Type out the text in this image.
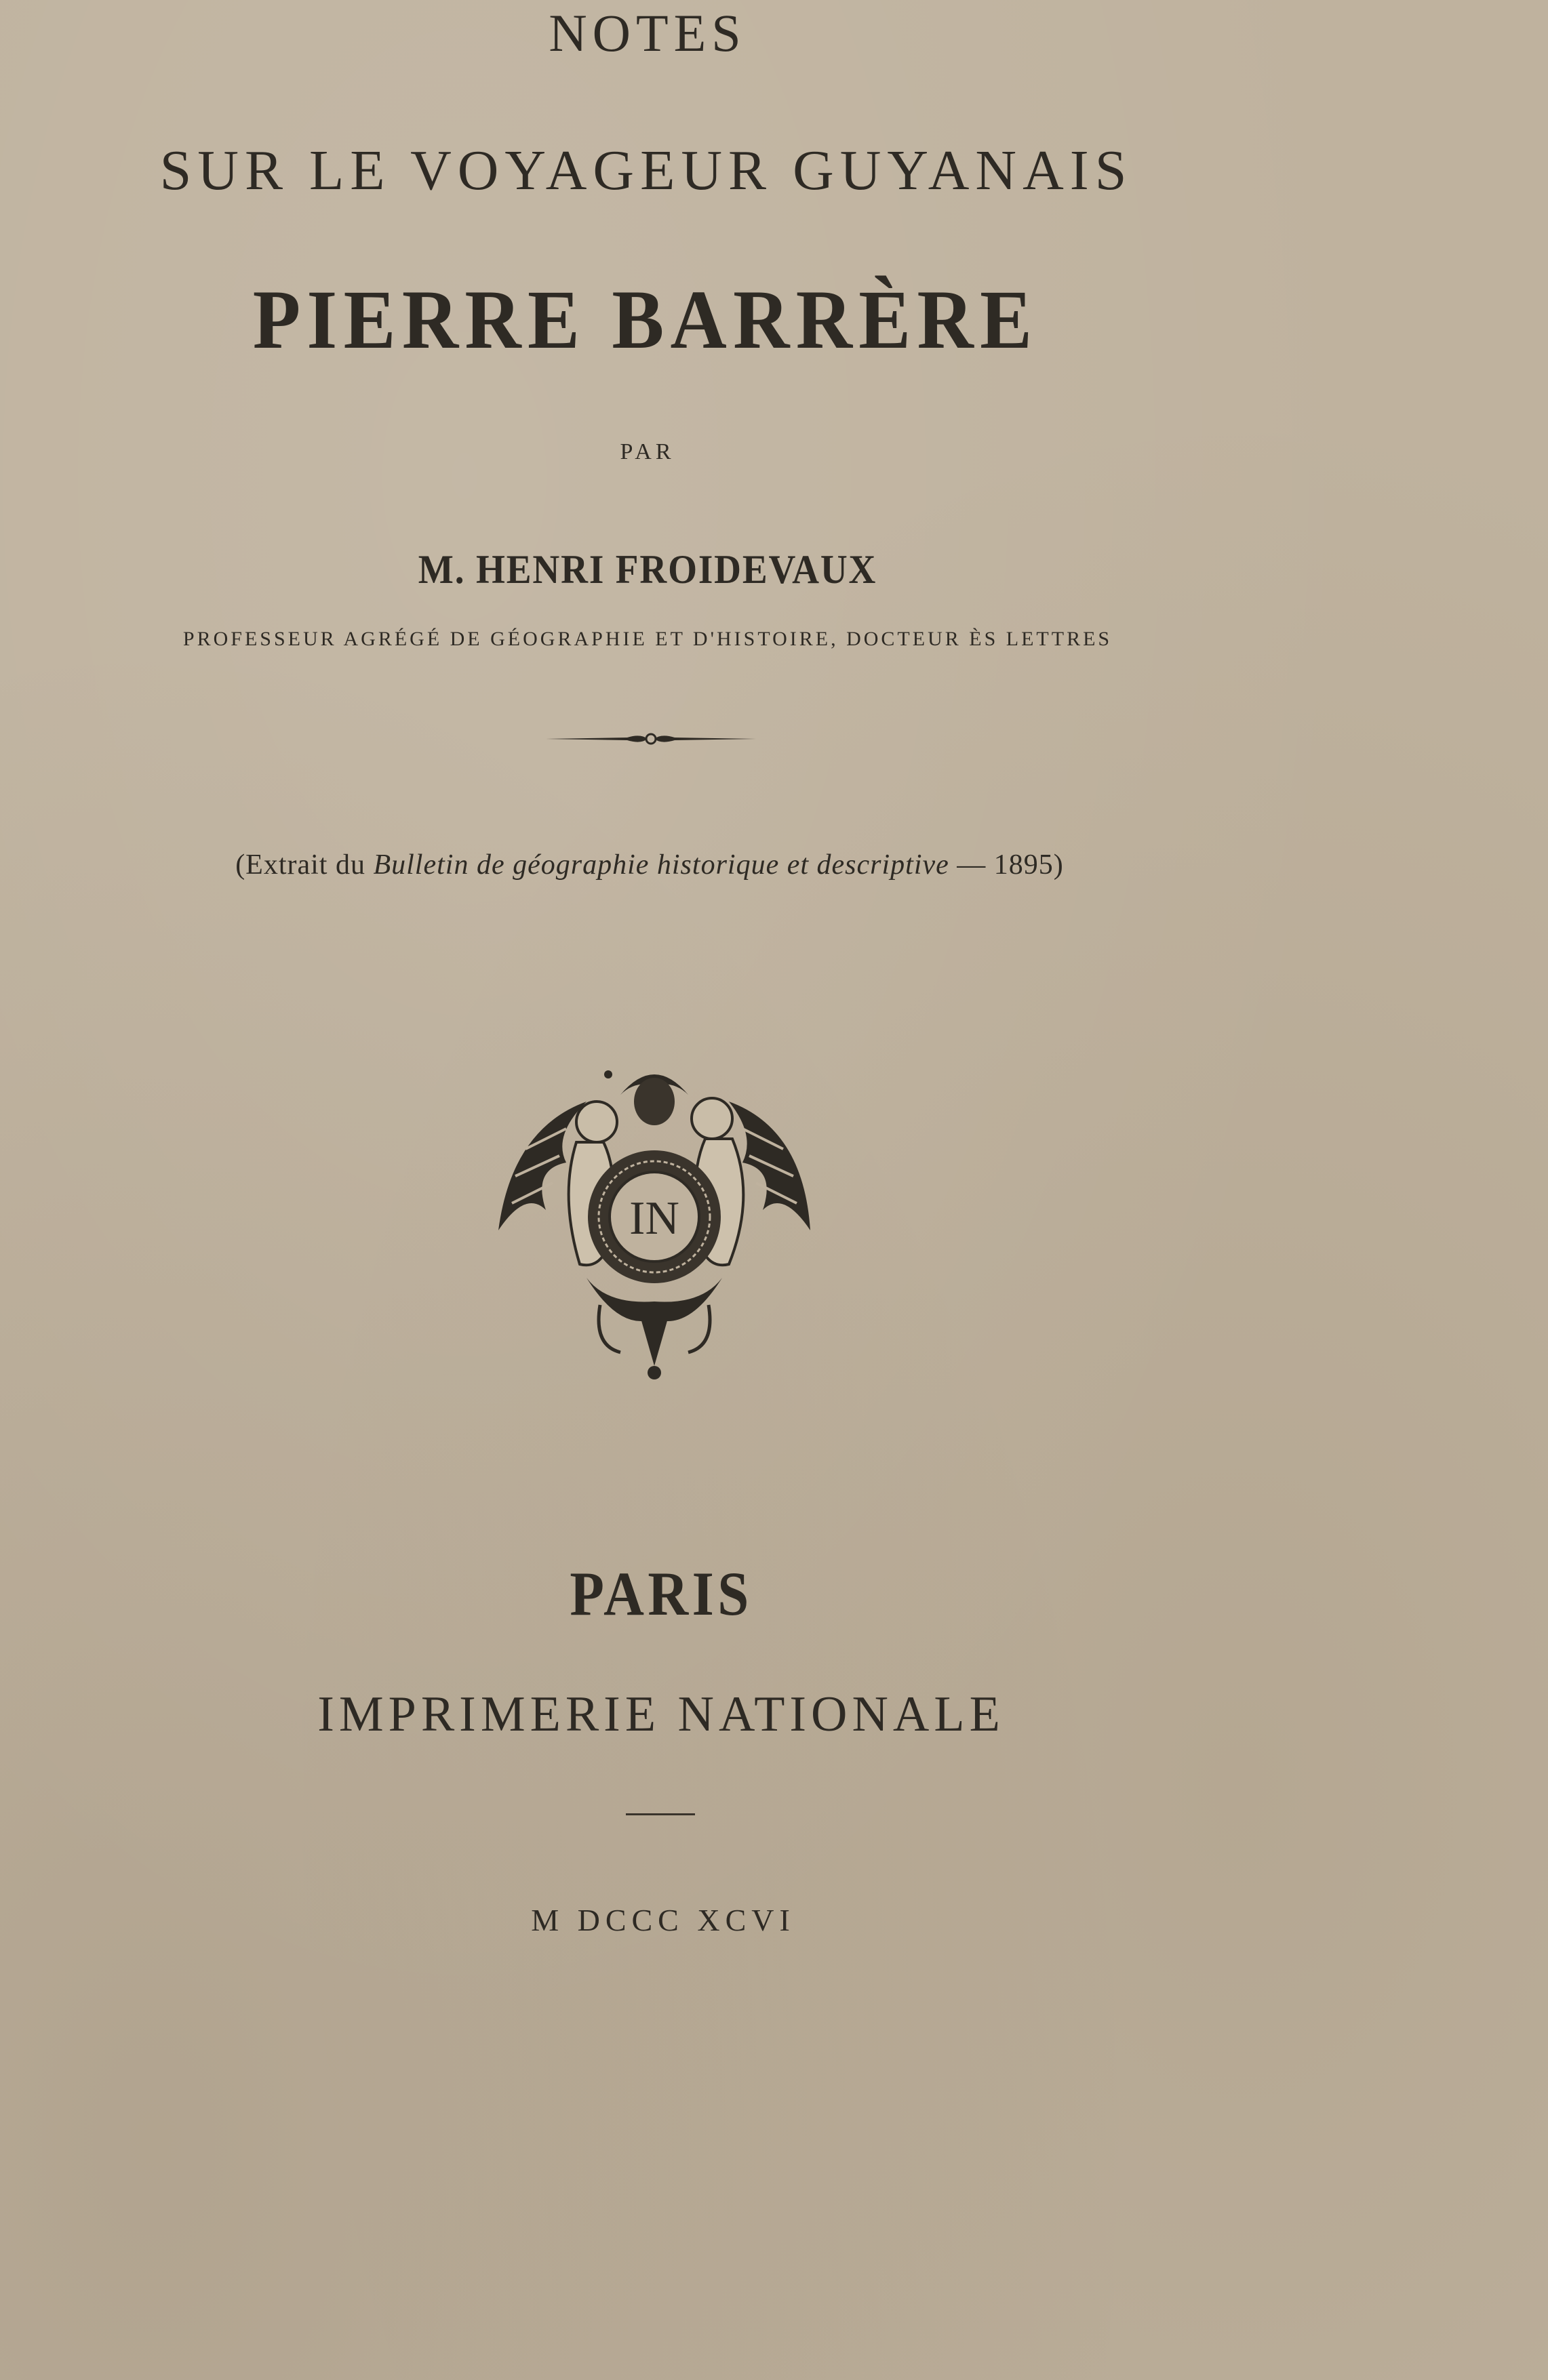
NOTES
SUR LE VOYAGEUR GUYANAIS
PIERRE BARRÈRE
PAR
M. HENRI FROIDEVAUX
PROFESSEUR AGRÉGÉ DE GÉOGRAPHIE ET D'HISTOIRE, DOCTEUR ÈS LETTRES
(Extrait du Bulletin de géographie historique et descriptive — 1895)
IN
PARIS
IMPRIMERIE NATIONALE
M DCCC XCVI
